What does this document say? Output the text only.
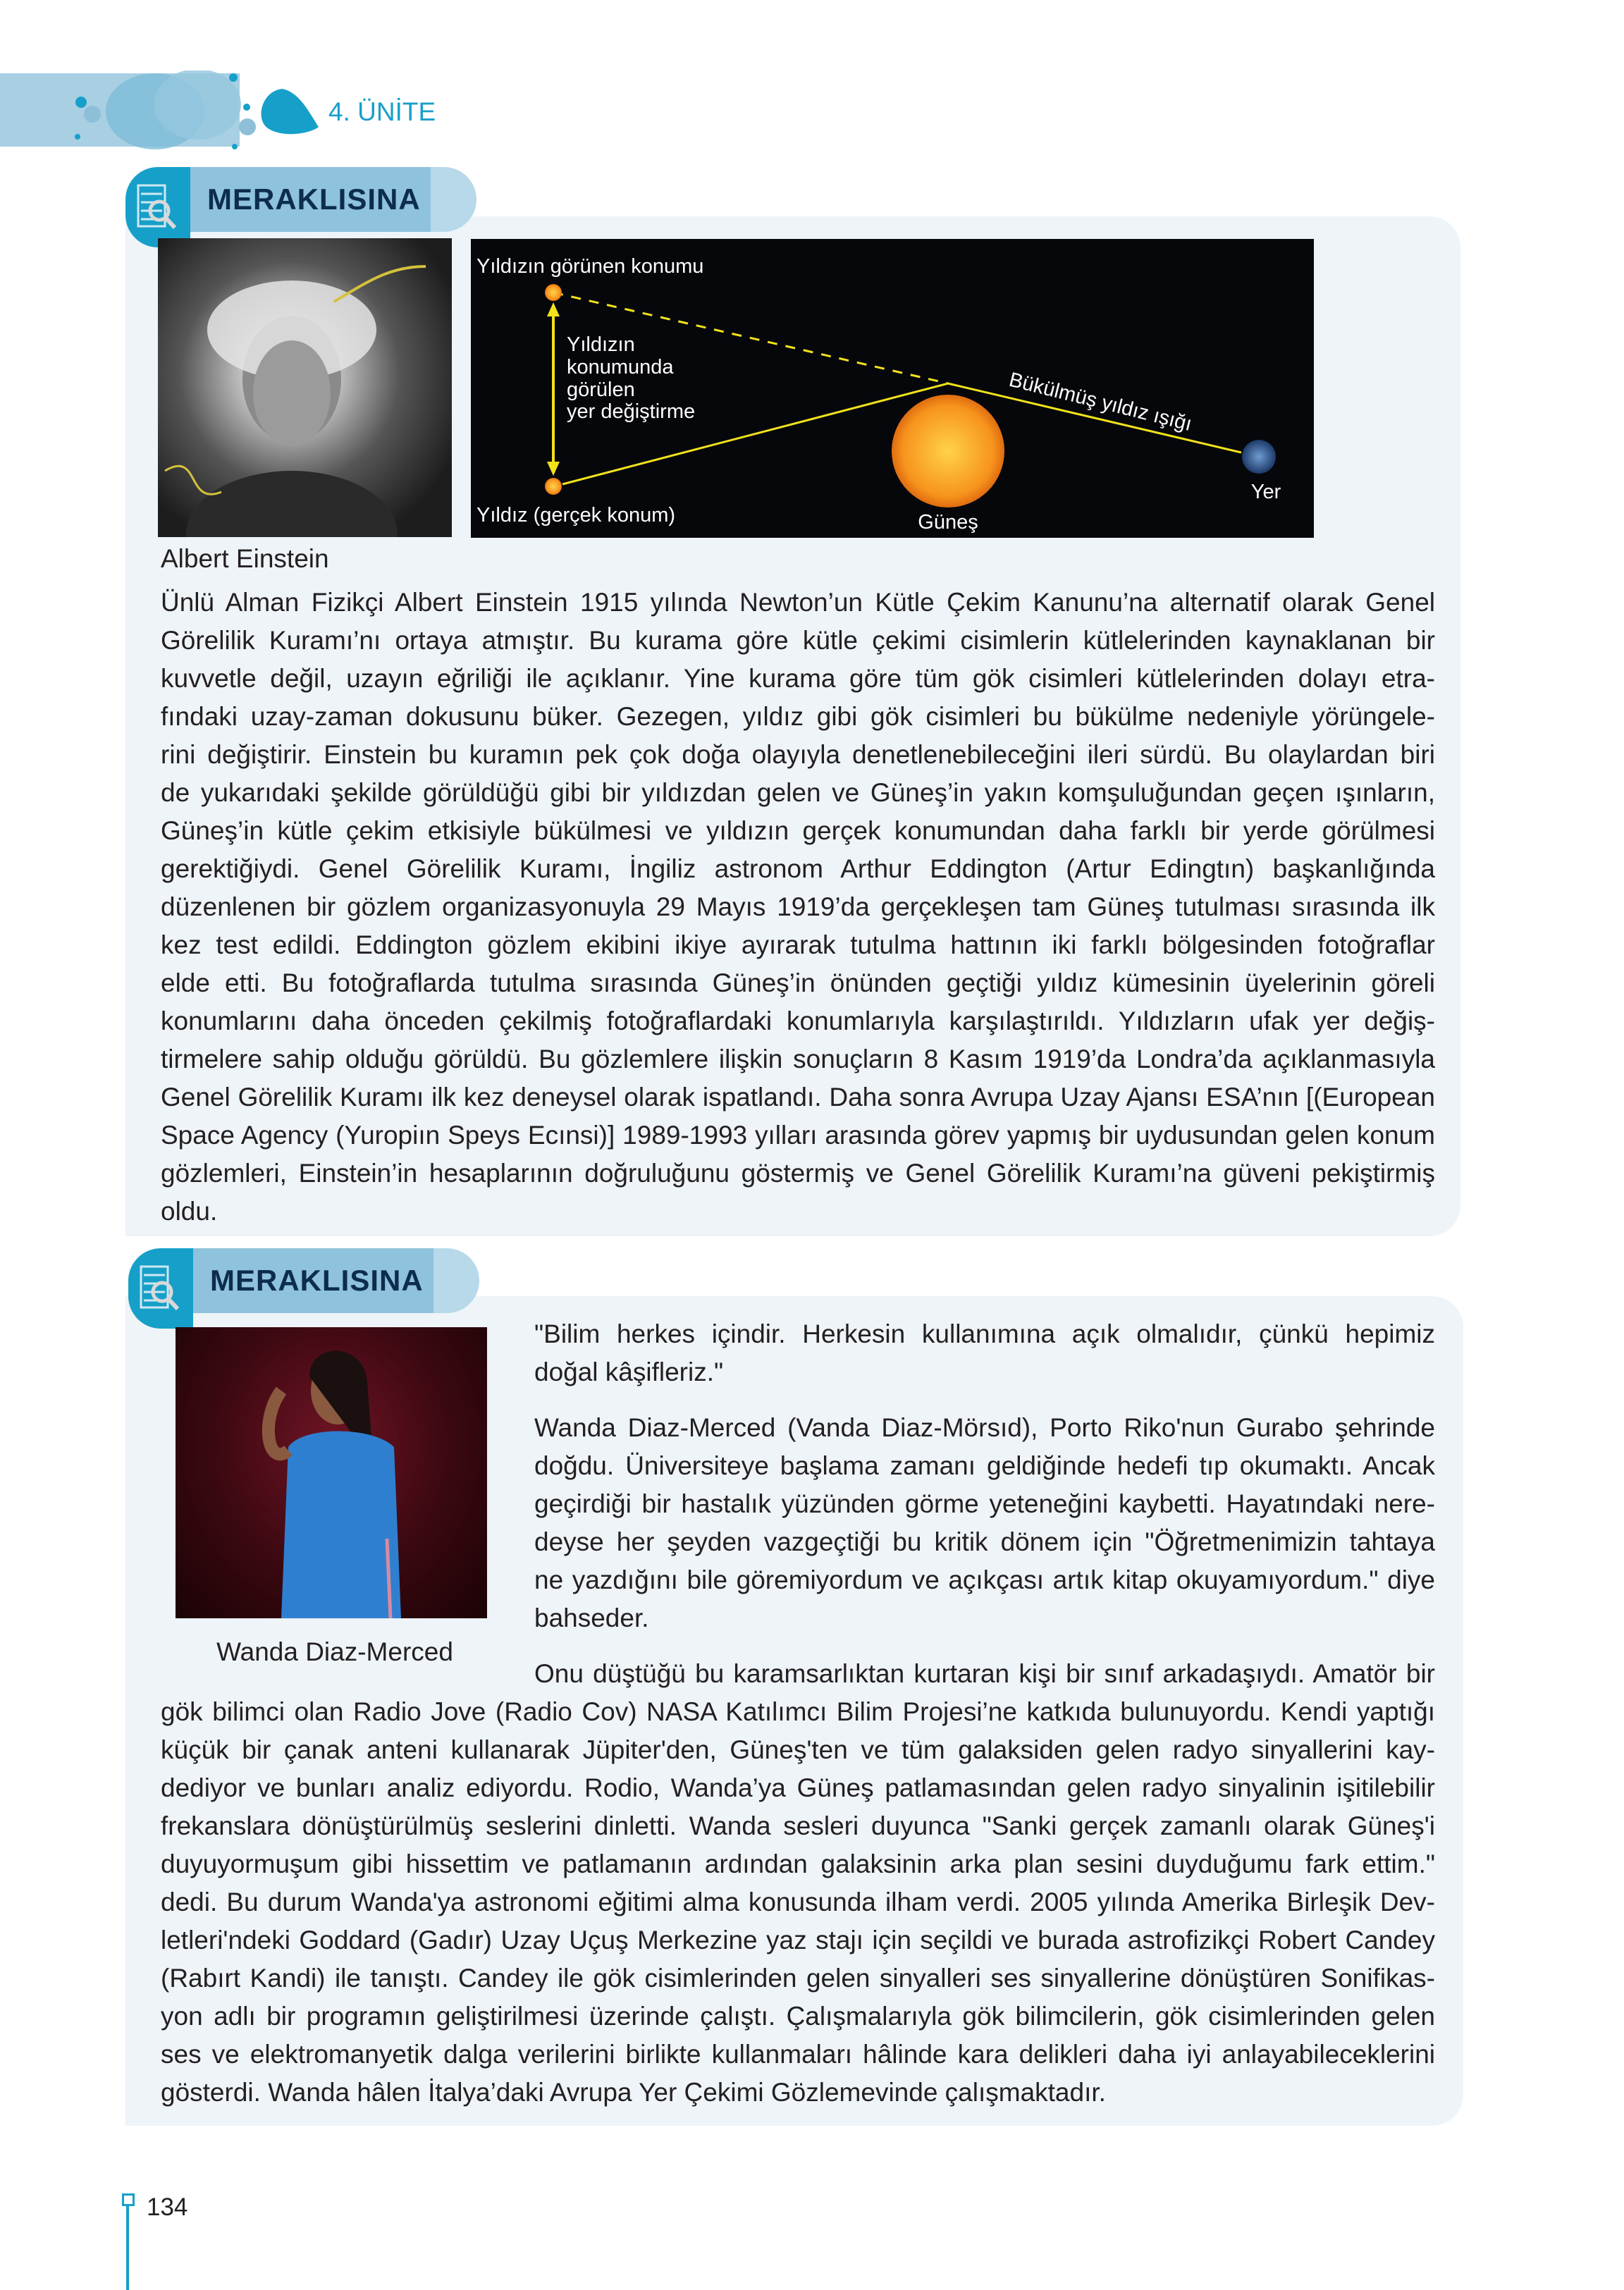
4. ÜNİTE
MERAKLISINA
Yıldızın görünen konumu
Yıldızın
konumunda
görülen
yer değiştirme
Yıldız (gerçek konum)	Güneş
Yer
Bükülmüş yıldız ışığı
Albert Einstein
Ünlü Alman Fizikçi Albert Einstein 1915 yılında Newton’un Kütle Çekim Kanunu’na alternatif olarak Genel
Görelilik Kuramı’nı ortaya atmıştır. Bu kurama göre kütle çekimi cisimlerin kütlelerinden kaynaklanan bir
kuvvetle değil, uzayın eğriliği ile açıklanır. Yine kurama göre tüm gök cisimleri kütlelerinden dolayı etra-
fındaki uzay-zaman dokusunu büker. Gezegen, yıldız gibi gök cisimleri bu bükülme nedeniyle yörüngele-
rini değiştirir. Einstein bu kuramın pek çok doğa olayıyla denetlenebileceğini ileri sürdü. Bu olaylardan biri
de yukarıdaki şekilde görüldüğü gibi bir yıldızdan gelen ve Güneş’in yakın komşuluğundan geçen ışınların,
Güneş’in kütle çekim etkisiyle bükülmesi ve yıldızın gerçek konumundan daha farklı bir yerde görülmesi
gerektiğiydi. Genel Görelilik Kuramı, İngiliz astronom Arthur Eddington (Artur Edingtın) başkanlığında
düzenlenen bir gözlem organizasyonuyla 29 Mayıs 1919’da gerçekleşen tam Güneş tutulması sırasında ilk
kez test edildi. Eddington gözlem ekibini ikiye ayırarak tutulma hattının iki farklı bölgesinden fotoğraflar
elde etti. Bu fotoğraflarda tutulma sırasında Güneş’in önünden geçtiği yıldız kümesinin üyelerinin göreli
konumlarını daha önceden çekilmiş fotoğraflardaki konumlarıyla karşılaştırıldı. Yıldızların ufak yer değiş-
tirmelere sahip olduğu görüldü. Bu gözlemlere ilişkin sonuçların 8 Kasım 1919’da Londra’da açıklanmasıyla
Genel Görelilik Kuramı ilk kez deneysel olarak ispatlandı. Daha sonra Avrupa Uzay Ajansı ESA’nın [(European
Space Agency (Yuropiın Speys Ecınsi)] 1989-1993 yılları arasında görev yapmış bir uydusundan gelen konum
gözlemleri, Einstein’in hesaplarının doğruluğunu göstermiş ve Genel Görelilik Kuramı’na güveni pekiştirmiş
oldu.
MERAKLISINA
Wanda Diaz-Merced
"Bilim herkes içindir. Herkesin kullanımına açık olmalıdır, çünkü hepimiz
doğal kâşifleriz."
Wanda Diaz-Merced (Vanda Diaz-Mörsıd), Porto Riko'nun Gurabo şehrinde
doğdu. Üniversiteye başlama zamanı geldiğinde hedefi tıp okumaktı. Ancak
geçirdiği bir hastalık yüzünden görme yeteneğini kaybetti. Hayatındaki nere-
deyse her şeyden vazgeçtiği bu kritik dönem için "Öğretmenimizin tahtaya
ne yazdığını bile göremiyordum ve açıkçası artık kitap okuyamıyordum." diye
bahseder.
Onu düştüğü bu karamsarlıktan kurtaran kişi bir sınıf arkadaşıydı. Amatör bir
gök bilimci olan Radio Jove (Radio Cov) NASA Katılımcı Bilim Projesi’ne katkıda bulunuyordu. Kendi yaptığı
küçük bir çanak anteni kullanarak Jüpiter'den, Güneş'ten ve tüm galaksiden gelen radyo sinyallerini kay-
dediyor ve bunları analiz ediyordu. Rodio, Wanda’ya Güneş patlamasından gelen radyo sinyalinin işitilebilir
frekanslara dönüştürülmüş seslerini dinletti. Wanda sesleri duyunca "Sanki gerçek zamanlı olarak Güneş'i
duyuyormuşum gibi hissettim ve patlamanın ardından galaksinin arka plan sesini duyduğumu fark ettim."
dedi. Bu durum Wanda'ya astronomi eğitimi alma konusunda ilham verdi. 2005 yılında Amerika Birleşik Dev-
letleri'ndeki Goddard (Gadır) Uzay Uçuş Merkezine yaz stajı için seçildi ve burada astrofizikçi Robert Candey
(Rabırt Kandi) ile tanıştı. Candey ile gök cisimlerinden gelen sinyalleri ses sinyallerine dönüştüren Sonifikas-
yon adlı bir programın geliştirilmesi üzerinde çalıştı. Çalışmalarıyla gök bilimcilerin, gök cisimlerinden gelen
ses ve elektromanyetik dalga verilerini birlikte kullanmaları hâlinde kara delikleri daha iyi anlayabileceklerini
gösterdi. Wanda hâlen İtalya’daki Avrupa Yer Çekimi Gözlemevinde çalışmaktadır.
134
